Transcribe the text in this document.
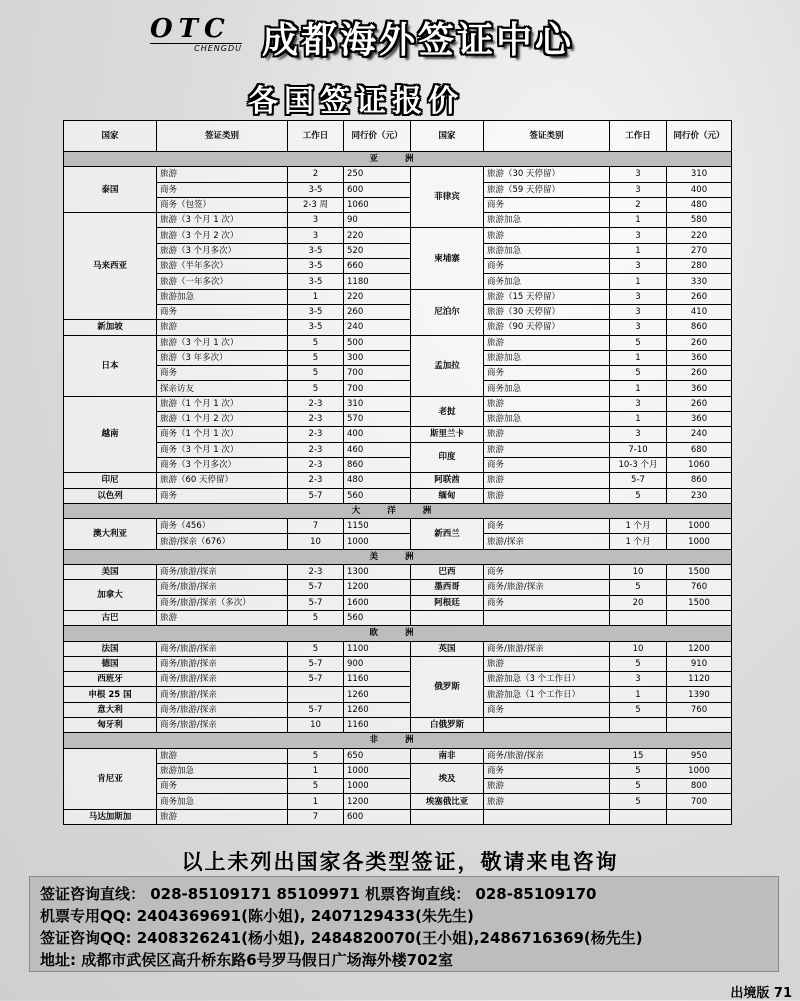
OTC
CHENGDU 成都海外签证中心
各国签证报价
国家	签证类别	工作日	同行价（元）	国家	签证类别	工作日	同行价（元）
亚 洲							
泰国	旅游	2	250	菲律宾	旅游（30 天停留）	3	310
	商务	3-5	600		旅游（59 天停留）	3	400
	商务（包签）	2-3 周	1060		商务	2	480
马来西亚	旅游（3 个月 1 次）	3	90		旅游加急	1	580
	旅游（3 个月 2 次）	3	220	柬埔寨	旅游	3	220
	旅游（3 个月多次）	3-5	520		旅游加急	1	270
	旅游（半年多次）	3-5	660		商务	3	280
	旅游（一年多次）	3-5	1180		商务加急	1	330
	旅游加急	1	220	尼泊尔	旅游（15 天停留）	3	260
	商务	3-5	260		旅游（30 天停留）	3	410
新加坡	旅游	3-5	240		旅游（90 天停留）	3	860
日本	旅游（3 个月 1 次）	5	500	孟加拉	旅游	5	260
	旅游（3 年多次）	5	300		旅游加急	1	360
	商务	5	700		商务	5	260
	探亲访友	5	700		商务加急	1	360
越南	旅游（1 个月 1 次）	2-3	310	老挝	旅游	3	260
	旅游（1 个月 2 次）	2-3	570		旅游加急	1	360
	商务（1 个月 1 次）	2-3	400	斯里兰卡	旅游	3	240
	商务（3 个月 1 次）	2-3	460	印度	旅游	7-10	680
	商务（3 个月多次）	2-3	860		商务	10-3 个月	1060
印尼	旅游（60 天停留）	2-3	480	阿联酋	旅游	5-7	860
以色列	商务	5-7	560	缅甸	旅游	5	230
大 洋 洲							
澳大利亚	商务（456）	7	1150	新西兰	商务	1 个月	1000
	旅游/探亲（676）	10	1000		旅游/探亲	1 个月	1000
美 洲							
美国	商务/旅游/探亲	2-3	1300	巴西	商务	10	1500
加拿大	商务/旅游/探亲	5-7	1200	墨西哥	商务/旅游/探亲	5	760
	商务/旅游/探亲（多次）	5-7	1600	阿根廷	商务	20	1500
古巴	旅游	5	560				
欧 洲							
法国	商务/旅游/探亲	5	1100	英国	商务/旅游/探亲	10	1200
德国	商务/旅游/探亲	5-7	900	俄罗斯	旅游	5	910
西班牙	商务/旅游/探亲	5-7	1160		旅游加急（3 个工作日）	3	1120
申根 25 国	商务/旅游/探亲		1260		旅游加急（1 个工作日）	1	1390
意大利	商务/旅游/探亲	5-7	1260		商务	5	760
匈牙利	商务/旅游/探亲	10	1160	白俄罗斯			
非 洲							
肯尼亚	旅游	5	650	南非	商务/旅游/探亲	15	950
	旅游加急	1	1000	埃及	商务	5	1000
	商务	5	1000		旅游	5	800
	商务加急	1	1200	埃塞俄比亚	旅游	5	700
马达加斯加	旅游	7	600				
以上未列出国家各类型签证，敬请来电咨询
签证咨询直线： 028-85109171 85109971 机票咨询直线： 028-85109170
机票专用QQ: 2404369691(陈小姐), 2407129433(朱先生)
签证咨询QQ: 2408326241(杨小姐), 2484820070(王小姐),2486716369(杨先生)
地址: 成都市武侯区高升桥东路6号罗马假日广场海外楼702室
出境版 71
